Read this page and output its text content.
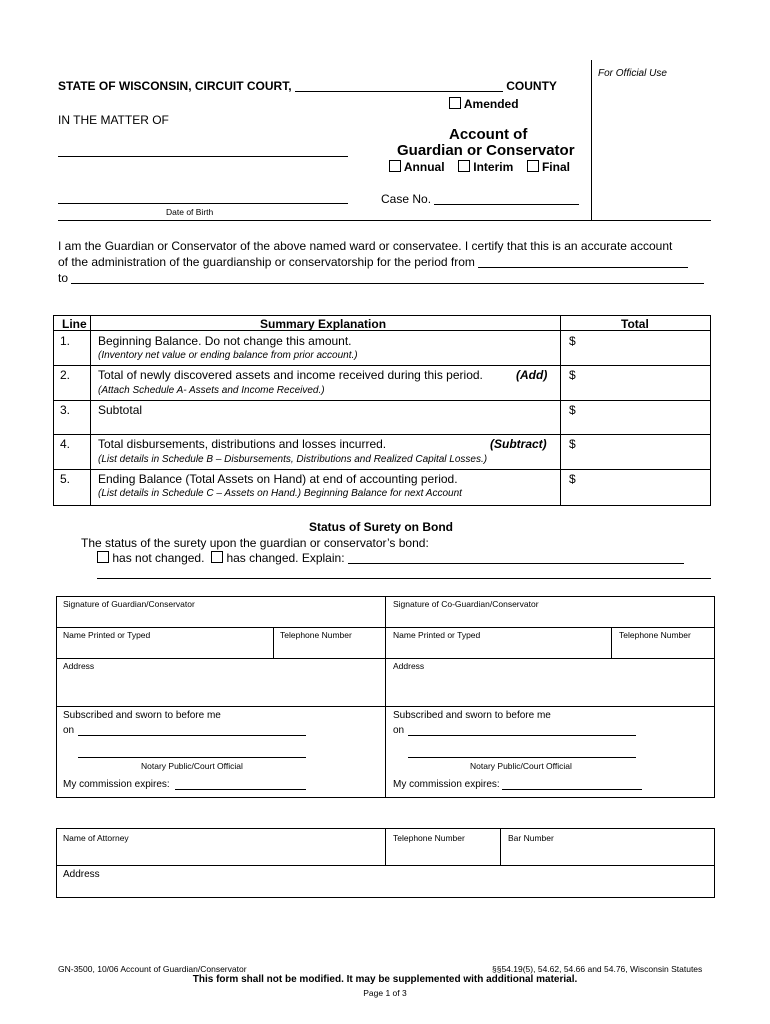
For Official Use
STATE OF WISCONSIN, CIRCUIT COURT,	COUNTY
Amended
IN THE MATTER OF
Account of
Guardian or Conservator
Annual Interim Final
Case No.
Date of Birth
I am the Guardian or Conservator of the above named ward or conservatee. I certify that this is an accurate account
of the administration of the guardianship or conservatorship for the period from
to
Line	Summary Explanation	Total
1. Beginning Balance. Do not change this amount.
(Inventory net value or ending balance from prior account.)
$
2. Total of newly discovered assets and income received during this period.	(Add)
(Attach Schedule A- Assets and Income Received.)
$
3. Subtotal	$
4. Total disbursements, distributions and losses incurred.	(Subtract)
(List details in Schedule B – Disbursements, Distributions and Realized Capital Losses.)
$
5. Ending Balance (Total Assets on Hand) at end of accounting period.
(List details in Schedule C – Assets on Hand.) Beginning Balance for next Account
$
Status of Surety on Bond
The status of the surety upon the guardian or conservator’s bond:
has not changed. has changed. Explain:
Signature of Guardian/Conservator	Signature of Co-Guardian/Conservator
Name Printed or Typed	Telephone Number	Name Printed or Typed	Telephone Number
Address	Address
Subscribed and sworn to before me
on
Notary Public/Court Official
My commission expires:
Subscribed and sworn to before me
on
Notary Public/Court Official
My commission expires:
Name of Attorney	Telephone Number	Bar Number
Address
GN-3500, 10/06 Account of Guardian/Conservator	§§54.19(5), 54.62, 54.66 and 54.76, Wisconsin Statutes
This form shall not be modified. It may be supplemented with additional material.
Page 1 of 3
